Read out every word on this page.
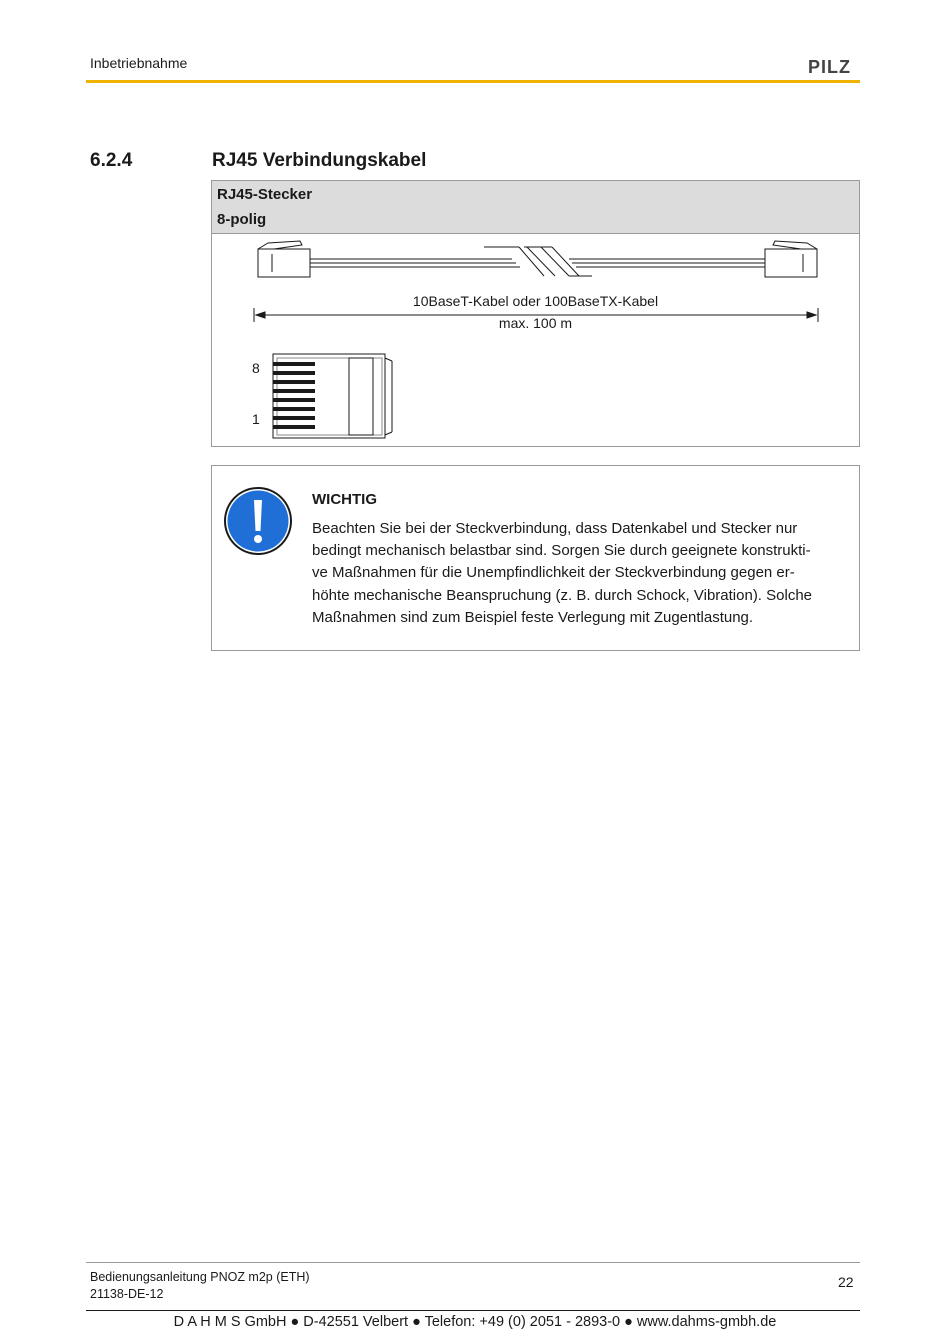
Inbetriebnahme	PILZ
6.2.4	RJ45 Verbindungskabel
RJ45-Stecker
8-polig
10BaseT-Kabel oder 100BaseTX-Kabel
max. 100 m
8
1
WICHTIG
Beachten Sie bei der Steckverbindung, dass Datenkabel und Stecker nur
bedingt mechanisch belastbar sind. Sorgen Sie durch geeignete konstrukti-
ve Maßnahmen für die Unempfindlichkeit der Steckverbindung gegen er-
höhte mechanische Beanspruchung (z. B. durch Schock, Vibration). Solche
Maßnahmen sind zum Beispiel feste Verlegung mit Zugentlastung.
Bedienungsanleitung PNOZ m2p (ETH)
21138-DE-12
22
D A H M S GmbH ● D-42551 Velbert ● Telefon: +49 (0) 2051 - 2893-0 ● www.dahms-gmbh.de
